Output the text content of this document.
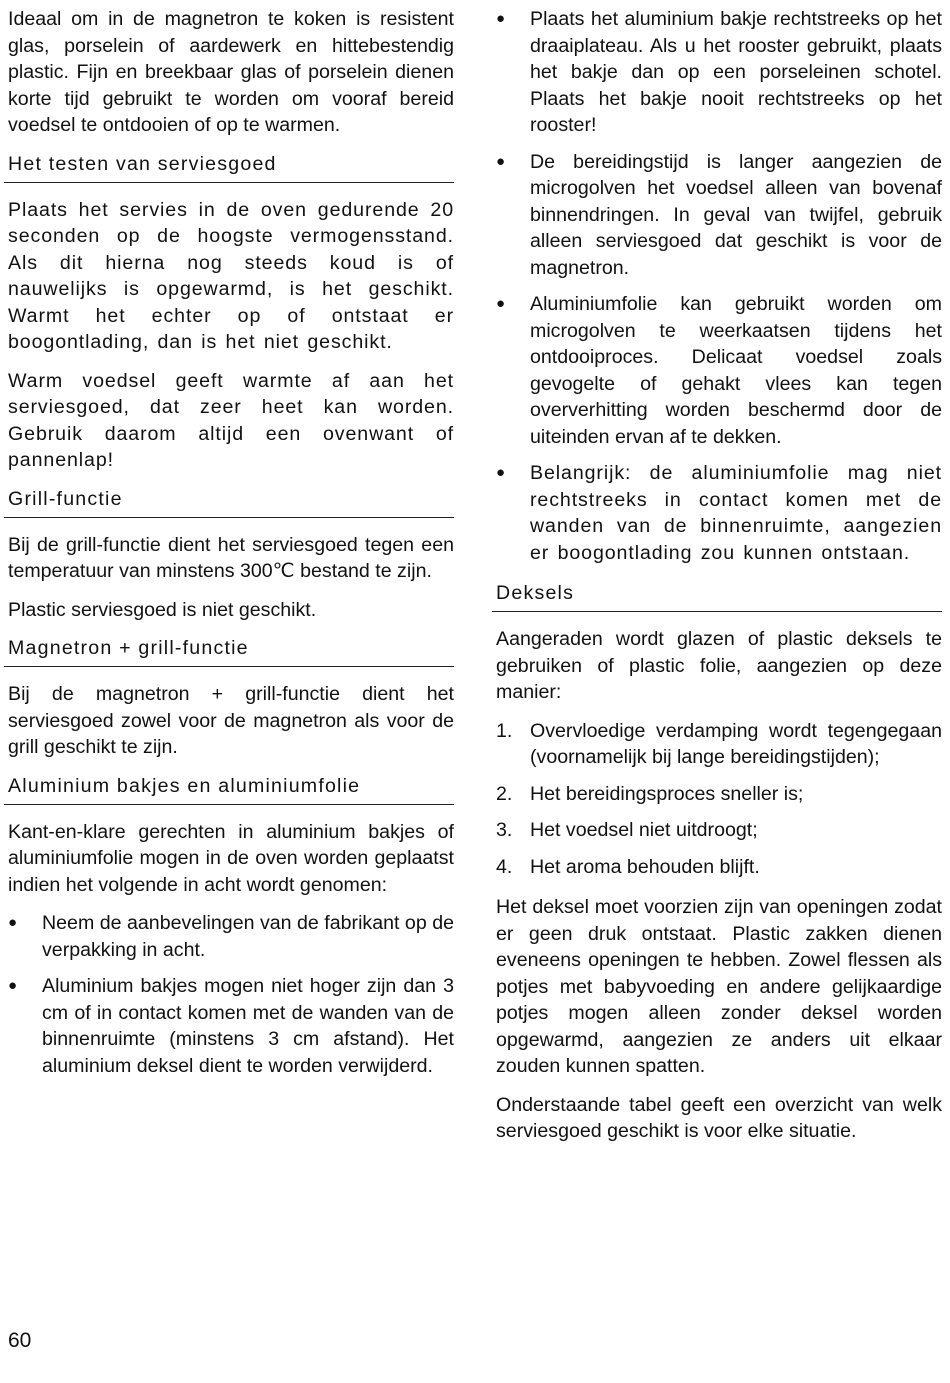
Ideaal om in de magnetron te koken is resistent glas, porselein of aardewerk en hittebestendig plastic. Fijn en breekbaar glas of porselein dienen korte tijd gebruikt te worden om vooraf bereid voedsel te ontdooien of op te warmen.

Het testen van serviesgoed

Plaats het servies in de oven gedurende 20 seconden op de hoogste vermogensstand. Als dit hierna nog steeds koud is of nauwelijks is opgewarmd, is het geschikt. Warmt het echter op of ontstaat er boogontlading, dan is het niet geschikt.

Warm voedsel geeft warmte af aan het serviesgoed, dat zeer heet kan worden. Gebruik daarom altijd een ovenwant of pannenlap!

Grill-functie

Bij de grill-functie dient het serviesgoed tegen een temperatuur van minstens 300℃ bestand te zijn.

Plastic serviesgoed is niet geschikt.

Magnetron + grill-functie

Bij de magnetron + grill-functie dient het serviesgoed zowel voor de magnetron als voor de grill geschikt te zijn.

Aluminium bakjes en aluminiumfolie

Kant-en-klare gerechten in aluminium bakjes of aluminiumfolie mogen in de oven worden geplaatst indien het volgende in acht wordt genomen:

● Neem de aanbevelingen van de fabrikant op de verpakking in acht.
● Aluminium bakjes mogen niet hoger zijn dan 3 cm of in contact komen met de wanden van de binnenruimte (minstens 3 cm afstand). Het aluminium deksel dient te worden verwijderd.
● Plaats het aluminium bakje rechtstreeks op het draaiplateau. Als u het rooster gebruikt, plaats het bakje dan op een porseleinen schotel. Plaats het bakje nooit rechtstreeks op het rooster!
● De bereidingstijd is langer aangezien de microgolven het voedsel alleen van bovenaf binnendringen. In geval van twijfel, gebruik alleen serviesgoed dat geschikt is voor de magnetron.
● Aluminiumfolie kan gebruikt worden om microgolven te weerkaatsen tijdens het ontdooiproces. Delicaat voedsel zoals gevogelte of gehakt vlees kan tegen oververhitting worden beschermd door de uiteinden ervan af te dekken.
● Belangrijk: de aluminiumfolie mag niet rechtstreeks in contact komen met de wanden van de binnenruimte, aangezien er boogontlading zou kunnen ontstaan.
Deksels

Aangeraden wordt glazen of plastic deksels te gebruiken of plastic folie, aangezien op deze manier:

1. Overvloedige verdamping wordt tegengegaan (voornamelijk bij lange bereidingstijden);
2. Het bereidingsproces sneller is;
3. Het voedsel niet uitdroogt;
4. Het aroma behouden blijft.

Het deksel moet voorzien zijn van openingen zodat er geen druk ontstaat. Plastic zakken dienen eveneens openingen te hebben. Zowel flessen als potjes met babyvoeding en andere gelijkaardige potjes mogen alleen zonder deksel worden opgewarmd, aangezien ze anders uit elkaar zouden kunnen spatten.

Onderstaande tabel geeft een overzicht van welk serviesgoed geschikt is voor elke situatie.

60
